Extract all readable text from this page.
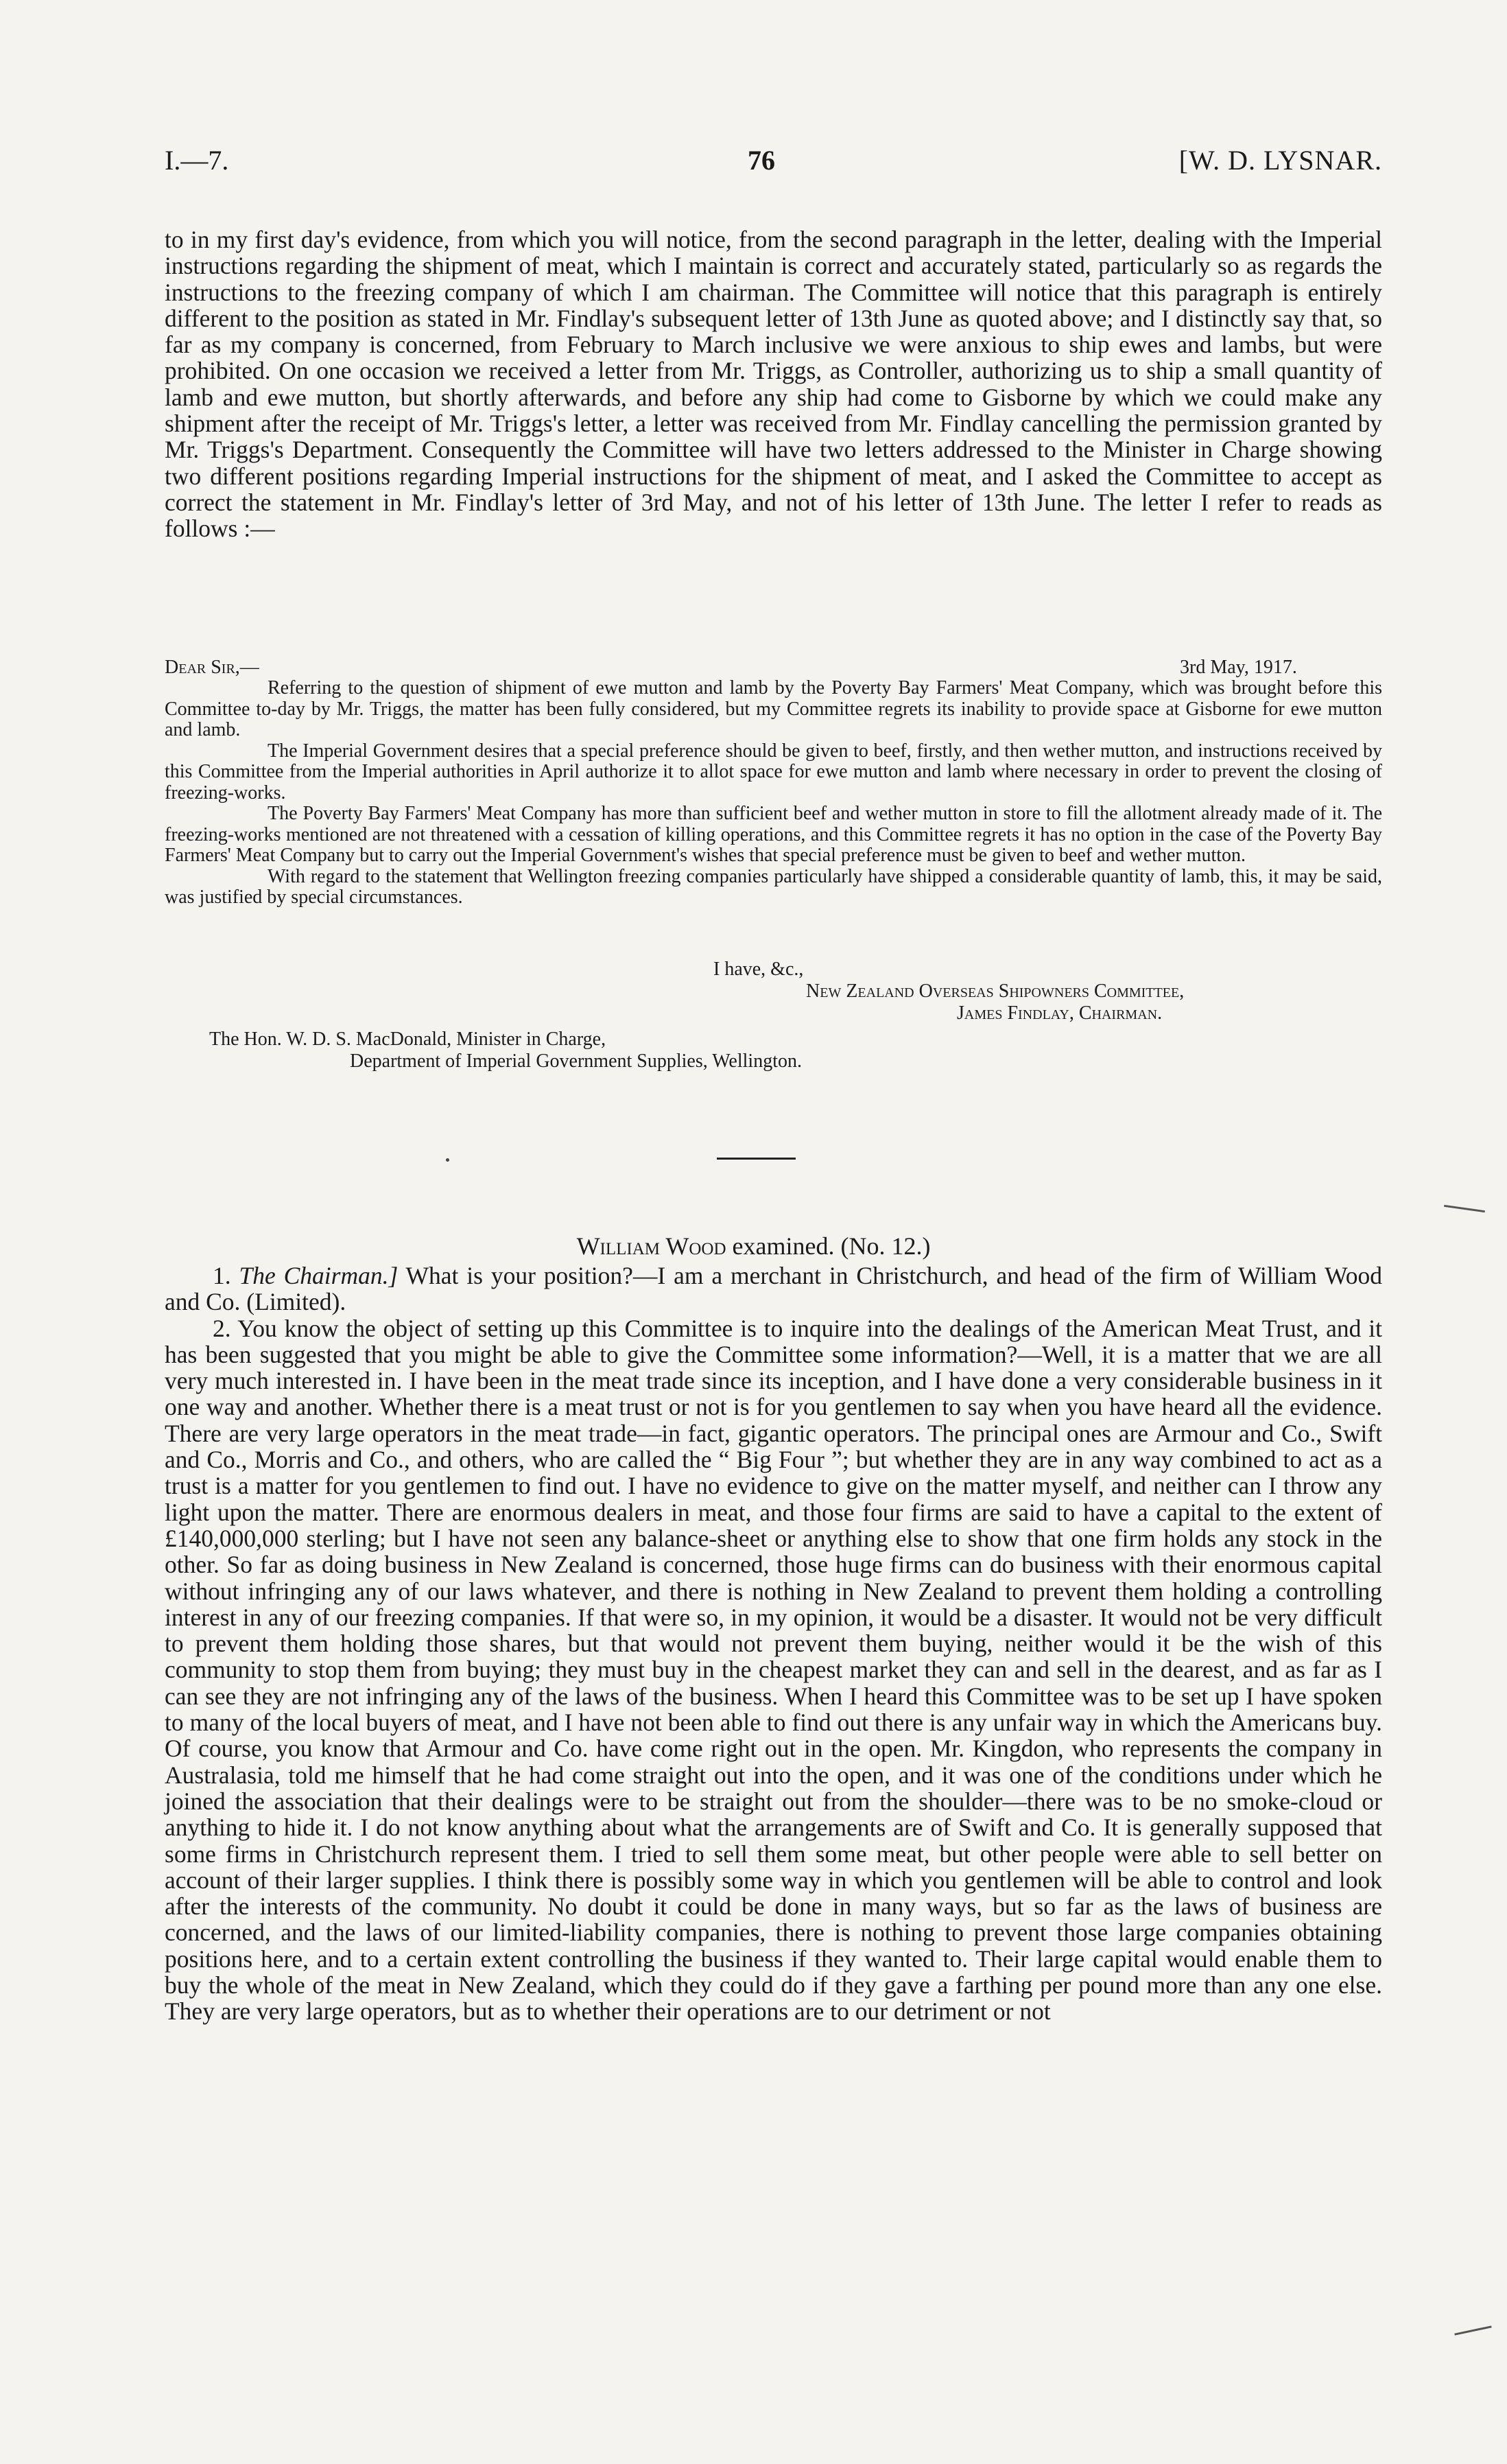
I.—7.	76	[W. D. LYSNAR.
to in my first day's evidence, from which you will notice, from the second paragraph in the letter, dealing with the Imperial instructions regarding the shipment of meat, which I maintain is correct and accurately stated, particularly so as regards the instructions to the freezing company of which I am chairman. The Committee will notice that this paragraph is entirely different to the position as stated in Mr. Findlay's subsequent letter of 13th June as quoted above; and I distinctly say that, so far as my company is concerned, from February to March inclusive we were anxious to ship ewes and lambs, but were prohibited. On one occasion we received a letter from Mr. Triggs, as Controller, authorizing us to ship a small quantity of lamb and ewe mutton, but shortly afterwards, and before any ship had come to Gisborne by which we could make any shipment after the receipt of Mr. Triggs's letter, a letter was received from Mr. Findlay cancelling the permission granted by Mr. Triggs's Department. Consequently the Committee will have two letters addressed to the Minister in Charge showing two different positions regarding Imperial instructions for the shipment of meat, and I asked the Committee to accept as correct the statement in Mr. Findlay's letter of 3rd May, and not of his letter of 13th June. The letter I refer to reads as follows :—
Dear Sir,—	3rd May, 1917.

Referring to the question of shipment of ewe mutton and lamb by the Poverty Bay Farmers' Meat Company, which was brought before this Committee to-day by Mr. Triggs, the matter has been fully considered, but my Committee regrets its inability to provide space at Gisborne for ewe mutton and lamb.

The Imperial Government desires that a special preference should be given to beef, firstly, and then wether mutton, and instructions received by this Committee from the Imperial authorities in April authorize it to allot space for ewe mutton and lamb where necessary in order to prevent the closing of freezing-works.

The Poverty Bay Farmers' Meat Company has more than sufficient beef and wether mutton in store to fill the allotment already made of it. The freezing-works mentioned are not threatened with a cessation of killing operations, and this Committee regrets it has no option in the case of the Poverty Bay Farmers' Meat Company but to carry out the Imperial Government's wishes that special preference must be given to beef and wether mutton.

With regard to the statement that Wellington freezing companies particularly have shipped a considerable quantity of lamb, this, it may be said, was justified by special circumstances.

I have, &c.,
New Zealand Overseas Shipowners Committee,
James Findlay, Chairman.
The Hon. W. D. S. MacDonald, Minister in Charge,
Department of Imperial Government Supplies, Wellington.
William Wood examined. (No. 12.)

1. The Chairman.] What is your position?—I am a merchant in Christchurch, and head of the firm of William Wood and Co. (Limited).

2. You know the object of setting up this Committee is to inquire into the dealings of the American Meat Trust, and it has been suggested that you might be able to give the Committee some information?—Well, it is a matter that we are all very much interested in. I have been in the meat trade since its inception, and I have done a very considerable business in it one way and another. Whether there is a meat trust or not is for you gentlemen to say when you have heard all the evidence. There are very large operators in the meat trade—in fact, gigantic operators. The principal ones are Armour and Co., Swift and Co., Morris and Co., and others, who are called the “ Big Four ”; but whether they are in any way combined to act as a trust is a matter for you gentlemen to find out. I have no evidence to give on the matter myself, and neither can I throw any light upon the matter. There are enormous dealers in meat, and those four firms are said to have a capital to the extent of £140,000,000 sterling; but I have not seen any balance-sheet or anything else to show that one firm holds any stock in the other. So far as doing business in New Zealand is concerned, those huge firms can do business with their enormous capital without infringing any of our laws whatever, and there is nothing in New Zealand to prevent them holding a controlling interest in any of our freezing companies. If that were so, in my opinion, it would be a disaster. It would not be very difficult to prevent them holding those shares, but that would not prevent them buying, neither would it be the wish of this community to stop them from buying; they must buy in the cheapest market they can and sell in the dearest, and as far as I can see they are not infringing any of the laws of the business. When I heard this Committee was to be set up I have spoken to many of the local buyers of meat, and I have not been able to find out there is any unfair way in which the Americans buy. Of course, you know that Armour and Co. have come right out in the open. Mr. Kingdon, who represents the company in Australasia, told me himself that he had come straight out into the open, and it was one of the conditions under which he joined the association that their dealings were to be straight out from the shoulder—there was to be no smoke-cloud or anything to hide it. I do not know anything about what the arrangements are of Swift and Co. It is generally supposed that some firms in Christchurch represent them. I tried to sell them some meat, but other people were able to sell better on account of their larger supplies. I think there is possibly some way in which you gentlemen will be able to control and look after the interests of the community. No doubt it could be done in many ways, but so far as the laws of business are concerned, and the laws of our limited-liability companies, there is nothing to prevent those large companies obtaining positions here, and to a certain extent controlling the business if they wanted to. Their large capital would enable them to buy the whole of the meat in New Zealand, which they could do if they gave a farthing per pound more than any one else. They are very large operators, but as to whether their operations are to our detriment or not
